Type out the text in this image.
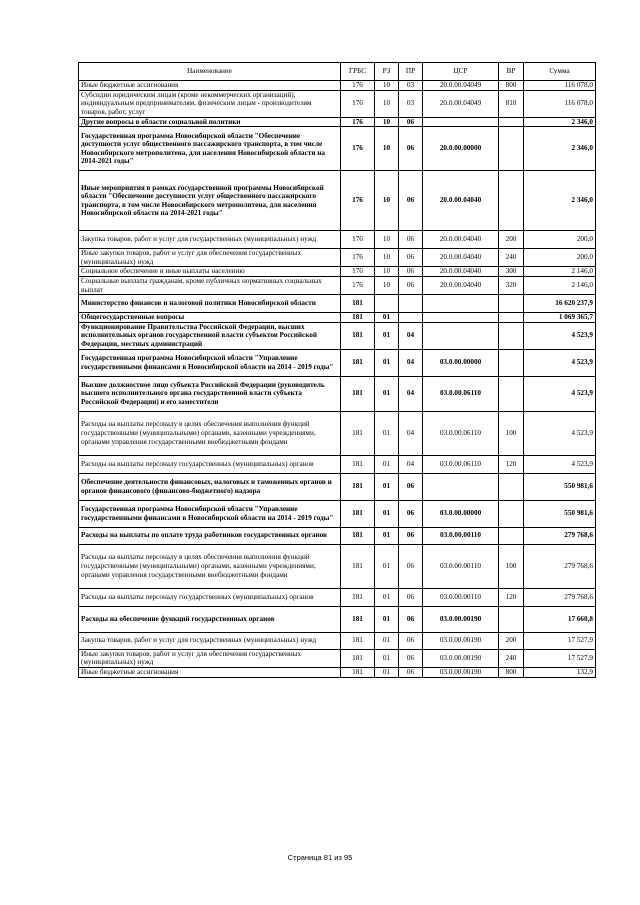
Наименование	ГРБС	РЗ	ПР	ЦСР	ВР	Сумма
Иные бюджетные ассигнования	176	10	03	20.0.00.04049	800	116 078,0
Субсидии юридическим лицам (кроме некоммерческих организаций), индивидуальным предпринимателям, физическим лицам - производителям товаров, работ, услуг	176	10	03	20.0.00.04049	810	116 078,0
Другие вопросы в области социальной политики	176	10	06			2 346,0
Государственная программа Новосибирской области "Обеспечение доступности услуг общественного пассажирского транспорта, в том числе Новосибирского метрополитена, для населения Новосибирской области на 2014-2021 годы"	176	10	06	20.0.00.00000		2 346,0
Иные мероприятия в рамках государственной программы Новосибирской области "Обеспечение доступности услуг общественного пассажирского транспорта, в том числе Новосибирского метрополитена, для населения Новосибирской области на 2014-2021 годы"	176	10	06	20.0.00.04040		2 346,0
Закупка товаров, работ и услуг для государственных (муниципальных) нужд	176	10	06	20.0.00.04040	200	200,0
Иные закупки товаров, работ и услуг для обеспечения государственных (муниципальных) нужд	176	10	06	20.0.00.04040	240	200,0
Социальное обеспечение и иные выплаты населению	176	10	06	20.0.00.04040	300	2 146,0
Социальные выплаты гражданам, кроме публичных нормативных социальных выплат	176	10	06	20.0.00.04040	320	2 146,0
Министерство финансов и налоговой политики Новосибирской области	181					16 620 237,9
Общегосударственные вопросы	181	01				1 069 365,7
Функционирование Правительства Российской Федерации, высших исполнительных органов государственной власти субъектов Российской Федерации, местных администраций	181	01	04			4 523,9
Государственная программа Новосибирской области "Управление государственными финансами в Новосибирской области на 2014 - 2019 годы"	181	01	04	03.0.00.00000		4 523,9
Высшее должностное лицо субъекта Российской Федерации (руководитель высшего исполнительного органа государственной власти субъекта Российской Федерации) и его заместители	181	01	04	03.0.00.06110		4 523,9
Расходы на выплаты персоналу в целях обеспечения выполнения функций государственными (муниципальными) органами, казенными учреждениями, органами управления государственными внебюджетными фондами	181	01	04	03.0.00.06110	100	4 523,9
Расходы на выплаты персоналу государственных (муниципальных) органов	181	01	04	03.0.00.06110	120	4 523,9
Обеспечение деятельности финансовых, налоговых и таможенных органов и органов финансового (финансово-бюджетного) надзора	181	01	06			550 981,6
Государственная программа Новосибирской области "Управление государственными финансами в Новосибирской области на 2014 - 2019 годы"	181	01	06	03.0.00.00000		550 981,6
Расходы на выплаты по оплате труда работников государственных органов	181	01	06	03.0.00.00110		279 768,6
Расходы на выплаты персоналу в целях обеспечения выполнения функций государственными (муниципальными) органами, казенными учреждениями, органами управления государственными внебюджетными фондами	181	01	06	03.0.00.00110	100	279 768,6
Расходы на выплаты персоналу государственных (муниципальных) органов	181	01	06	03.0.00.00110	120	279 768,6
Расходы на обеспечение функций государственных органов	181	01	06	03.0.00.00190		17 660,8
Закупка товаров, работ и услуг для государственных (муниципальных) нужд	181	01	06	03.0.00.00190	200	17 527,9
Иные закупки товаров, работ и услуг для обеспечения государственных (муниципальных) нужд	181	01	06	03.0.00.00190	240	17 527,9
Иные бюджетные ассигнования	181	01	06	03.0.00.00190	800	132,9
Страница 81 из 95
